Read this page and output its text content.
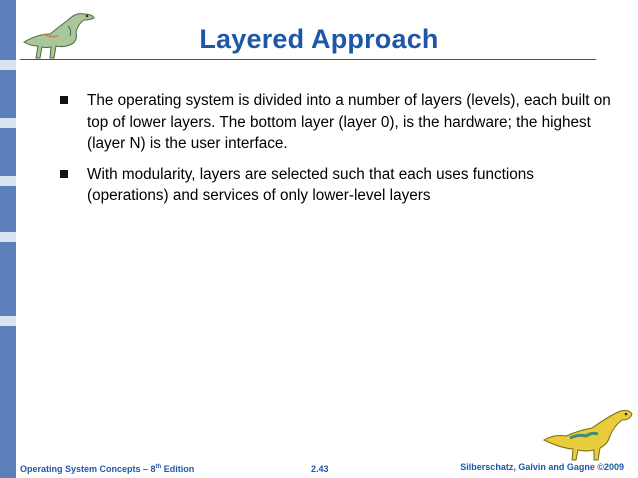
Layered Approach
The operating system is divided into a number of layers (levels), each built on top of lower layers. The bottom layer (layer 0), is the hardware; the highest (layer N) is the user interface.
With modularity, layers are selected such that each uses functions (operations) and services of only lower-level layers
Operating System Concepts – 8th Edition	2.43	Silberschatz, Galvin and Gagne ©2009
